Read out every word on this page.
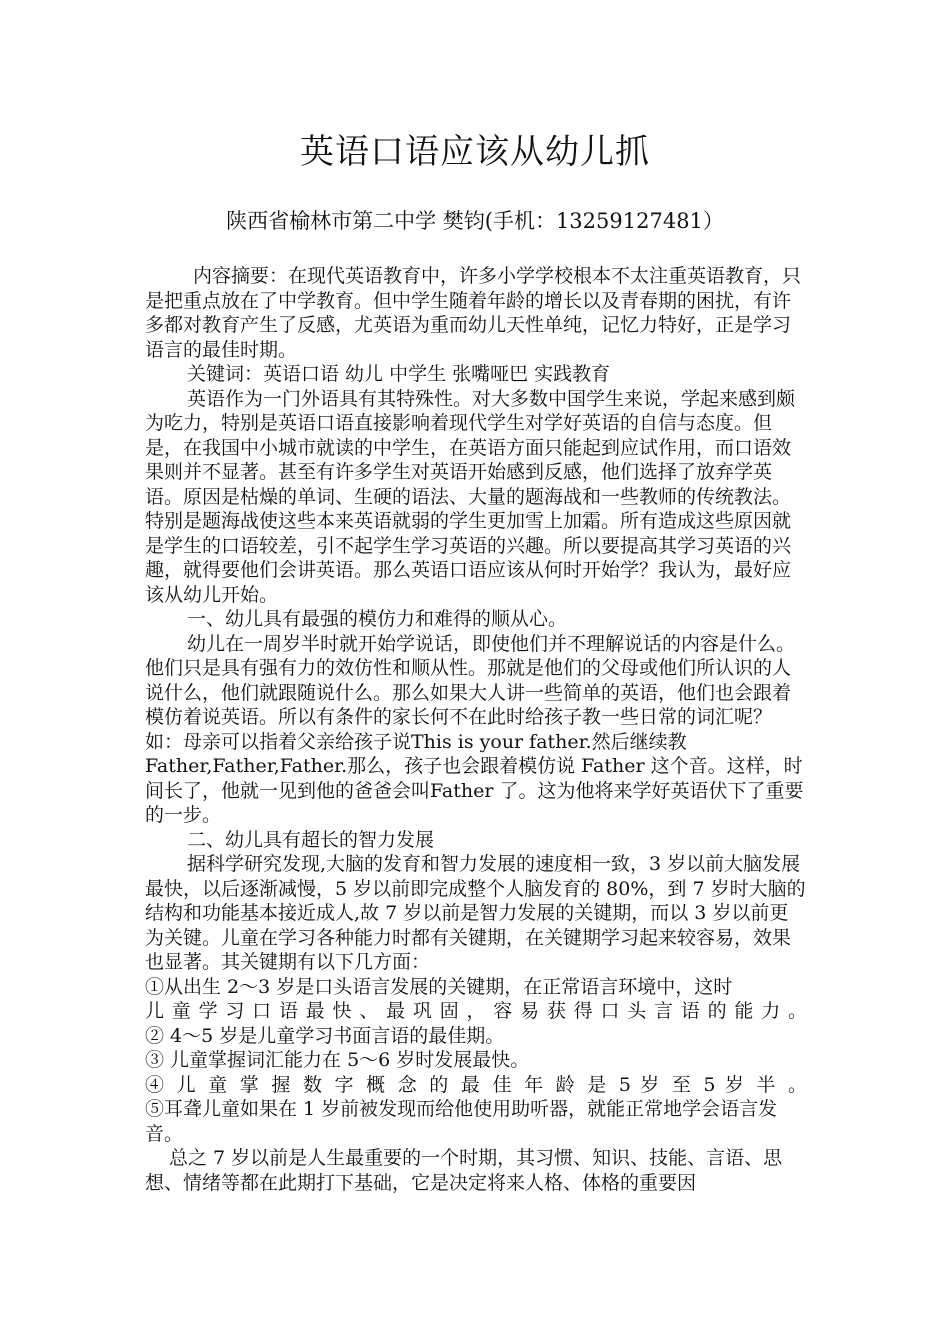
英语口语应该从幼儿抓
陕西省榆林市第二中学 樊钧(手机：13259127481）

内容摘要：在现代英语教育中，许多小学学校根本不太注重英语教育，只是把重点放在了中学教育。但中学生随着年龄的增长以及青春期的困扰，有许多都对教育产生了反感，尤英语为重而幼儿天性单纯，记忆力特好，正是学习语言的最佳时期。

关键词：英语口语 幼儿 中学生 张嘴哑巴 实践教育

英语作为一门外语具有其特殊性。对大多数中国学生来说，学起来感到颇为吃力，特别是英语口语直接影响着现代学生对学好英语的自信与态度。但是，在我国中小城市就读的中学生，在英语方面只能起到应试作用，而口语效果则并不显著。甚至有许多学生对英语开始感到反感，他们选择了放弃学英语。原因是枯燥的单词、生硬的语法、大量的题海战和一些教师的传统教法。特别是题海战使这些本来英语就弱的学生更加雪上加霜。所有造成这些原因就是学生的口语较差，引不起学生学习英语的兴趣。所以要提高其学习英语的兴趣，就得要他们会讲英语。那么英语口语应该从何时开始学？我认为，最好应该从幼儿开始。

一、幼儿具有最强的模仿力和难得的顺从心。

幼儿在一周岁半时就开始学说话，即使他们并不理解说话的内容是什么。他们只是具有强有力的效仿性和顺从性。那就是他们的父母或他们所认识的人说什么，他们就跟随说什么。那么如果大人讲一些简单的英语，他们也会跟着模仿着说英语。所以有条件的家长何不在此时给孩子教一些日常的词汇呢？如：母亲可以指着父亲给孩子说This is your father.然后继续教 Father,Father,Father.那么，孩子也会跟着模仿说 Father 这个音。这样，时间长了，他就一见到他的爸爸会叫Father 了。这为他将来学好英语伏下了重要的一步。

二、幼儿具有超长的智力发展

据科学研究发现,大脑的发育和智力发展的速度相一致，3 岁以前大脑发展最快，以后逐渐减慢，5 岁以前即完成整个人脑发育的 80%，到 7 岁时大脑的结构和功能基本接近成人,故 7 岁以前是智力发展的关键期，而以 3 岁以前更为关键。儿童在学习各种能力时都有关键期，在关键期学习起来较容易，效果也显著。其关键期有以下几方面：

①从出生 2～3 岁是口头语言发展的关键期，在正常语言环境中，这时

儿童学习口语最快、最巩固，容易获得口头言语的能力。

② 4～5 岁是儿童学习书面言语的最佳期。

③ 儿童掌握词汇能力在 5～6 岁时发展最快。

④ 儿 童 掌 握 数 字 概 念 的 最 佳 年 龄 是 5 岁 至 5 岁 半 。

⑤耳聋儿童如果在 1 岁前被发现而给他使用助听器，就能正常地学会语言发音。

总之 7 岁以前是人生最重要的一个时期，其习惯、知识、技能、言语、思想、情绪等都在此期打下基础，它是决定将来人格、体格的重要因
